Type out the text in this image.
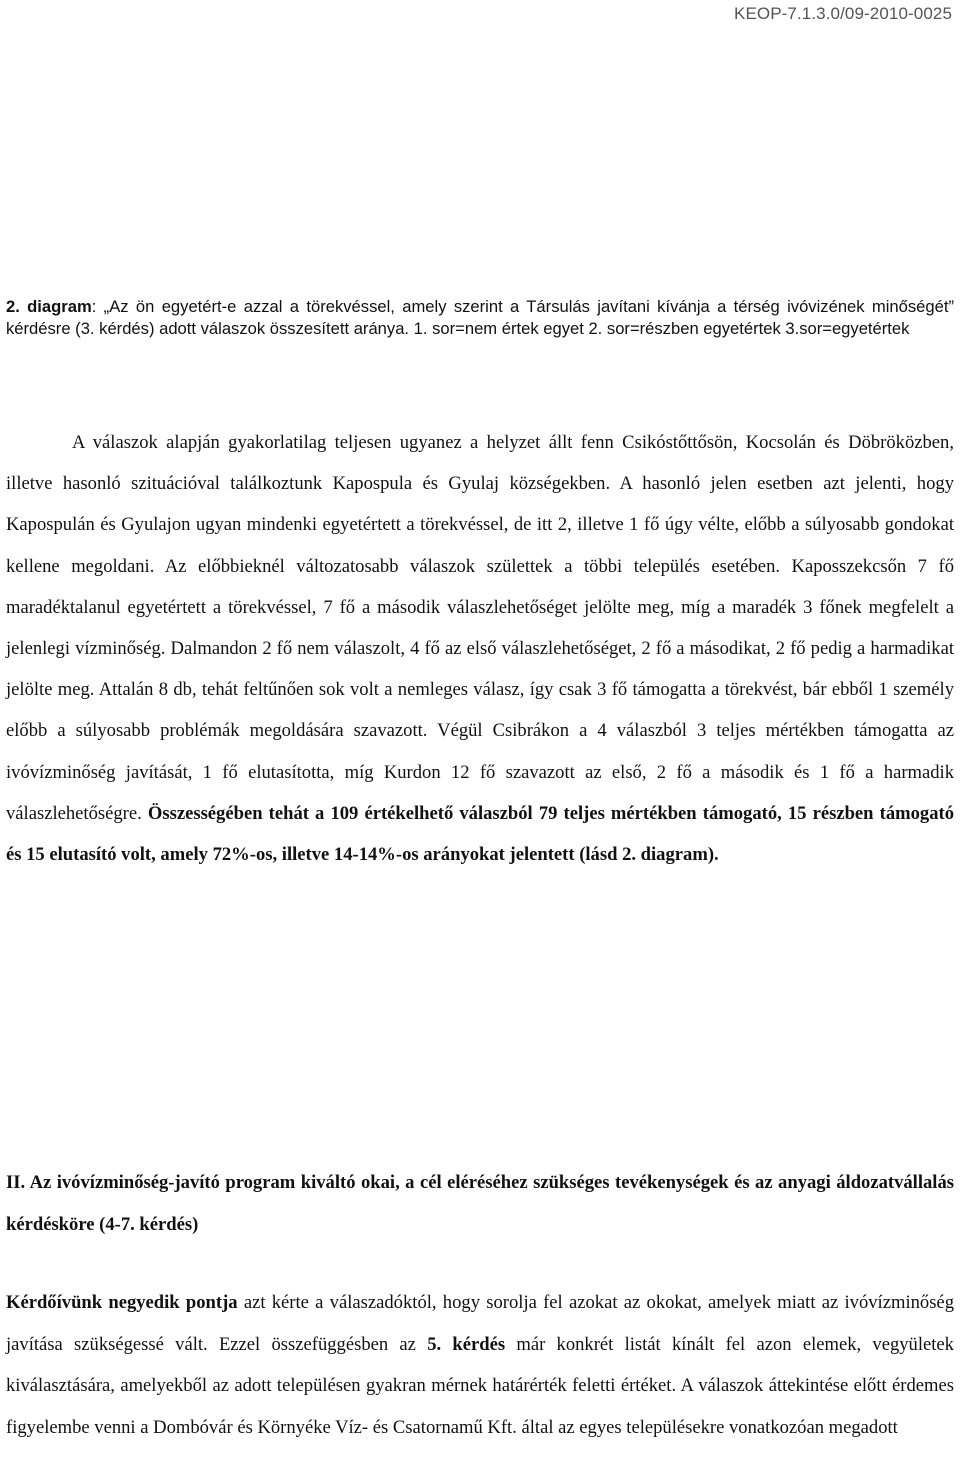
KEOP-7.1.3.0/09-2010-0025
2. diagram: „Az ön egyetért-e azzal a törekvéssel, amely szerint a Társulás javítani kívánja a térség ivóvizének minőségét” kérdésre (3. kérdés) adott válaszok összesített aránya. 1. sor=nem értek egyet 2. sor=részben egyetértek 3.sor=egyetértek

A válaszok alapján gyakorlatilag teljesen ugyanez a helyzet állt fenn Csikóstőttősön, Kocsolán és Döbröközben, illetve hasonló szituációval találkoztunk Kapospula és Gyulaj községekben. A hasonló jelen esetben azt jelenti, hogy Kapospulán és Gyulajon ugyan mindenki egyetértett a törekvéssel, de itt 2, illetve 1 fő úgy vélte, előbb a súlyosabb gondokat kellene megoldani. Az előbbieknél változatosabb válaszok születtek a többi település esetében. Kaposszekcsőn 7 fő maradéktalanul egyetértett a törekvéssel, 7 fő a második válaszlehetőséget jelölte meg, míg a maradék 3 főnek megfelelt a jelenlegi vízminőség. Dalmandon 2 fő nem válaszolt, 4 fő az első válaszlehetőséget, 2 fő a másodikat, 2 fő pedig a harmadikat jelölte meg. Attalán 8 db, tehát feltűnően sok volt a nemleges válasz, így csak 3 fő támogatta a törekvést, bár ebből 1 személy előbb a súlyosabb problémák megoldására szavazott. Végül Csibrákon a 4 válaszból 3 teljes mértékben támogatta az ivóvízminőség javítását, 1 fő elutasította, míg Kurdon 12 fő szavazott az első, 2 fő a második és 1 fő a harmadik válaszlehetőségre. Összességében tehát a 109 értékelhető válaszból 79 teljes mértékben támogató, 15 részben támogató és 15 elutasító volt, amely 72%-os, illetve 14-14%-os arányokat jelentett (lásd 2. diagram).

II. Az ivóvízminőség-javító program kiváltó okai, a cél eléréséhez szükséges tevékenységek és az anyagi áldozatvállalás kérdésköre (4-7. kérdés)

Kérdőívünk negyedik pontja azt kérte a válaszadóktól, hogy sorolja fel azokat az okokat, amelyek miatt az ivóvízminőség javítása szükségessé vált. Ezzel összefüggésben az 5. kérdés már konkrét listát kínált fel azon elemek, vegyületek kiválasztására, amelyekből az adott településen gyakran mérnek határérték feletti értéket. A válaszok áttekintése előtt érdemes figyelembe venni a Dombóvár és Környéke Víz- és Csatornamű Kft. által az egyes településekre vonatkozóan megadott
